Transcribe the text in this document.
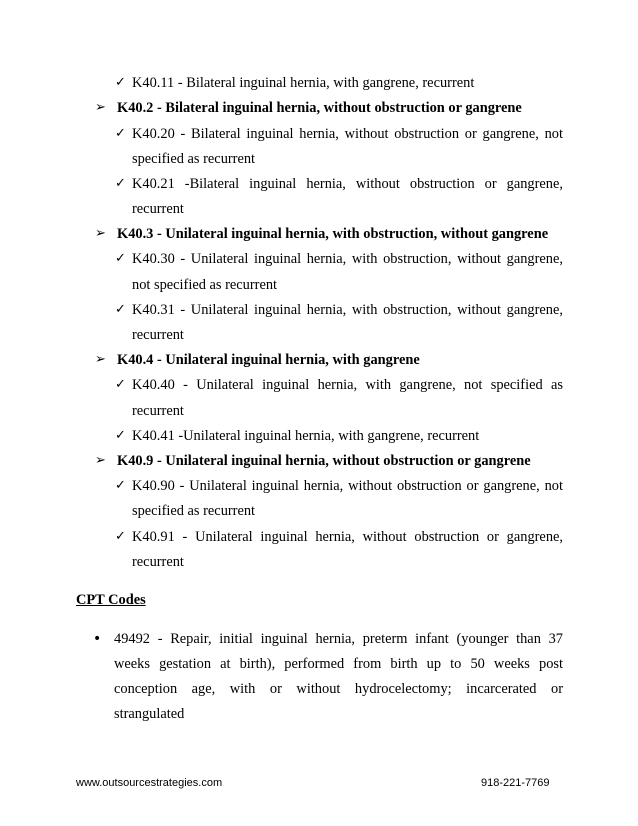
✓ K40.11 - Bilateral inguinal hernia, with gangrene, recurrent
➢ K40.2 - Bilateral inguinal hernia, without obstruction or gangrene
✓ K40.20 - Bilateral inguinal hernia, without obstruction or gangrene, not
specified as recurrent
✓ K40.21 -Bilateral inguinal hernia, without obstruction or gangrene,
recurrent
➢ K40.3 - Unilateral inguinal hernia, with obstruction, without gangrene
✓ K40.30 - Unilateral inguinal hernia, with obstruction, without gangrene,
not specified as recurrent
✓ K40.31 - Unilateral inguinal hernia, with obstruction, without gangrene,
recurrent
➢ K40.4 - Unilateral inguinal hernia, with gangrene
✓ K40.40 - Unilateral inguinal hernia, with gangrene, not specified as
recurrent
✓ K40.41 -Unilateral inguinal hernia, with gangrene, recurrent
➢ K40.9 - Unilateral inguinal hernia, without obstruction or gangrene
✓ K40.90 - Unilateral inguinal hernia, without obstruction or gangrene, not
specified as recurrent
✓ K40.91 - Unilateral inguinal hernia, without obstruction or gangrene,
recurrent
CPT Codes
• 49492 - Repair, initial inguinal hernia, preterm infant (younger than 37
weeks gestation at birth), performed from birth up to 50 weeks post
conception age, with or without hydrocelectomy; incarcerated or
strangulated
www.outsourcestrategies.com	918-221-7769
